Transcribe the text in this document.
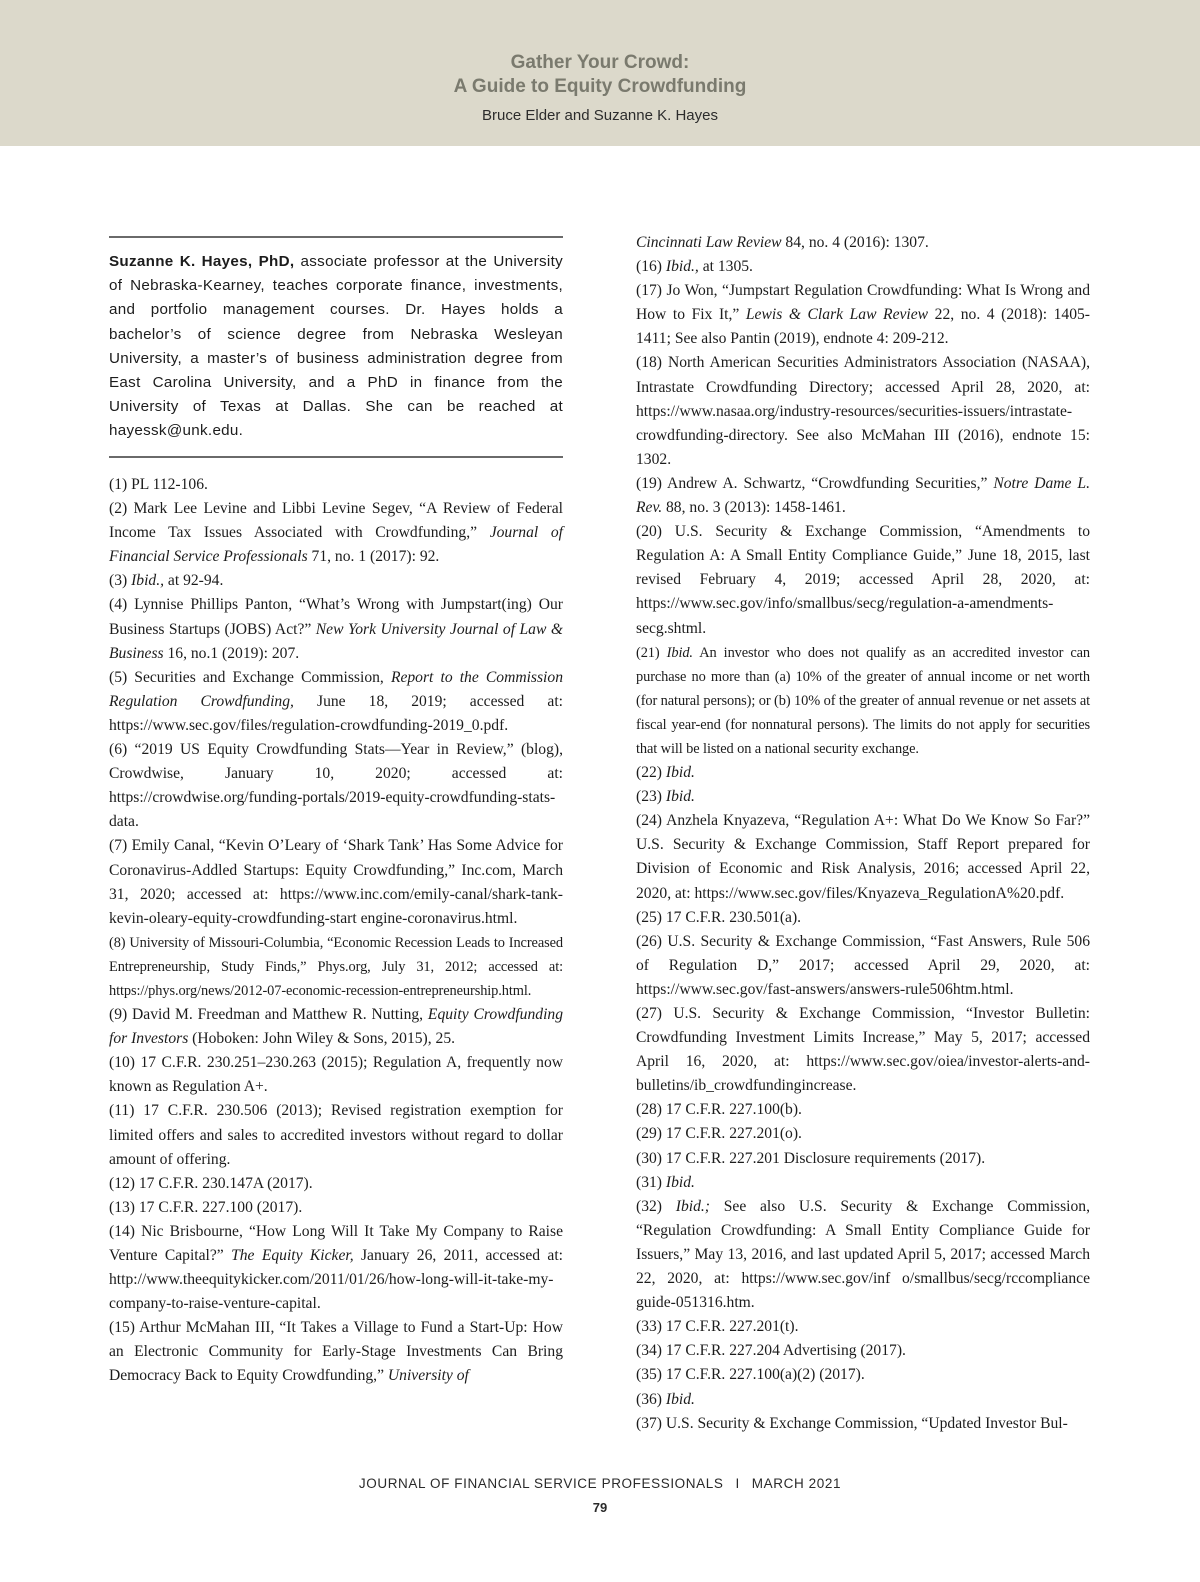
Gather Your Crowd:
A Guide to Equity Crowdfunding
Bruce Elder and Suzanne K. Hayes
Suzanne K. Hayes, PhD, associate professor at the University of Nebraska-Kearney, teaches corporate finance, investments, and portfolio management courses. Dr. Hayes holds a bachelor’s of science degree from Nebraska Wesleyan University, a master’s of business administration degree from East Carolina University, and a PhD in finance from the University of Texas at Dallas. She can be reached at hayessk@unk.edu.

(1) PL 112-106.

(2) Mark Lee Levine and Libbi Levine Segev, “A Review of Federal Income Tax Issues Associated with Crowdfunding,” Journal of Financial Service Professionals 71, no. 1 (2017): 92.

(3) Ibid., at 92-94.

(4) Lynnise Phillips Panton, “What’s Wrong with Jumpstart(ing) Our Business Startups (JOBS) Act?” New York University Journal of Law & Business 16, no.1 (2019): 207.

(5) Securities and Exchange Commission, Report to the Commission Regulation Crowdfunding, June 18, 2019; accessed at: https://www.sec.gov/files/regulation-crowdfunding-2019_0.pdf.

(6) “2019 US Equity Crowdfunding Stats—Year in Review,” (blog), Crowdwise, January 10, 2020; accessed at: https://crowdwise.org/funding-portals/2019-equity-crowdfunding-stats-data.

(7) Emily Canal, “Kevin O’Leary of ‘Shark Tank’ Has Some Advice for Coronavirus-Addled Startups: Equity Crowdfunding,” Inc.com, March 31, 2020; accessed at: https://www.inc.com/emily-canal/shark-tank-kevin-oleary-equity-crowdfunding-start engine-coronavirus.html.

(8) University of Missouri-Columbia, “Economic Recession Leads to Increased Entrepreneurship, Study Finds,” Phys.org, July 31, 2012; accessed at: https://phys.org/news/2012-07-economic-recession-entrepreneurship.html.

(9) David M. Freedman and Matthew R. Nutting, Equity Crowdfunding for Investors (Hoboken: John Wiley & Sons, 2015), 25.

(10) 17 C.F.R. 230.251–230.263 (2015); Regulation A, frequently now known as Regulation A+.

(11) 17 C.F.R. 230.506 (2013); Revised registration exemption for limited offers and sales to accredited investors without regard to dollar amount of offering.

(12) 17 C.F.R. 230.147A (2017).

(13) 17 C.F.R. 227.100 (2017).

(14) Nic Brisbourne, “How Long Will It Take My Company to Raise Venture Capital?” The Equity Kicker, January 26, 2011, accessed at: http://www.theequitykicker.com/2011/01/26/how-long-will-it-take-my-company-to-raise-venture-capital.

(15) Arthur McMahan III, “It Takes a Village to Fund a Start-Up: How an Electronic Community for Early-Stage Investments Can Bring Democracy Back to Equity Crowdfunding,” University of

Cincinnati Law Review 84, no. 4 (2016): 1307.

(16) Ibid., at 1305.

(17) Jo Won, “Jumpstart Regulation Crowdfunding: What Is Wrong and How to Fix It,” Lewis & Clark Law Review 22, no. 4 (2018): 1405-1411; See also Pantin (2019), endnote 4: 209-212.

(18) North American Securities Administrators Association (NASAA), Intrastate Crowdfunding Directory; accessed April 28, 2020, at: https://www.nasaa.org/industry-resources/securities-issuers/intrastate-crowdfunding-directory. See also McMahan III (2016), endnote 15: 1302.

(19) Andrew A. Schwartz, “Crowdfunding Securities,” Notre Dame L. Rev. 88, no. 3 (2013): 1458-1461.

(20) U.S. Security & Exchange Commission, “Amendments to Regulation A: A Small Entity Compliance Guide,” June 18, 2015, last revised February 4, 2019; accessed April 28, 2020, at: https://www.sec.gov/info/smallbus/secg/regulation-a-amendments-secg.shtml.

(21) Ibid. An investor who does not qualify as an accredited investor can purchase no more than (a) 10% of the greater of annual income or net worth (for natural persons); or (b) 10% of the greater of annual revenue or net assets at fiscal year-end (for nonnatural persons). The limits do not apply for securities that will be listed on a national security exchange.

(22) Ibid.

(23) Ibid.

(24) Anzhela Knyazeva, “Regulation A+: What Do We Know So Far?” U.S. Security & Exchange Commission, Staff Report prepared for Division of Economic and Risk Analysis, 2016; accessed April 22, 2020, at: https://www.sec.gov/files/Knyazeva_RegulationA%20.pdf.

(25) 17 C.F.R. 230.501(a).

(26) U.S. Security & Exchange Commission, “Fast Answers, Rule 506 of Regulation D,” 2017; accessed April 29, 2020, at: https://www.sec.gov/fast-answers/answers-rule506htm.html.

(27) U.S. Security & Exchange Commission, “Investor Bulletin: Crowdfunding Investment Limits Increase,” May 5, 2017; accessed April 16, 2020, at: https://www.sec.gov/oiea/investor-alerts-and-bulletins/ib_crowdfundingincrease.

(28) 17 C.F.R. 227.100(b).

(29) 17 C.F.R. 227.201(o).

(30) 17 C.F.R. 227.201 Disclosure requirements (2017).

(31) Ibid.

(32) Ibid.; See also U.S. Security & Exchange Commission, “Regulation Crowdfunding: A Small Entity Compliance Guide for Issuers,” May 13, 2016, and last updated April 5, 2017; accessed March 22, 2020, at: https://www.sec.gov/inf o/smallbus/secg/rccompliance guide-051316.htm.

(33) 17 C.F.R. 227.201(t).

(34) 17 C.F.R. 227.204 Advertising (2017).

(35) 17 C.F.R. 227.100(a)(2) (2017).

(36) Ibid.

(37) U.S. Security & Exchange Commission, “Updated Investor Bul-

JOURNAL OF FINANCIAL SERVICE PROFESSIONALS I MARCH 2021
79
